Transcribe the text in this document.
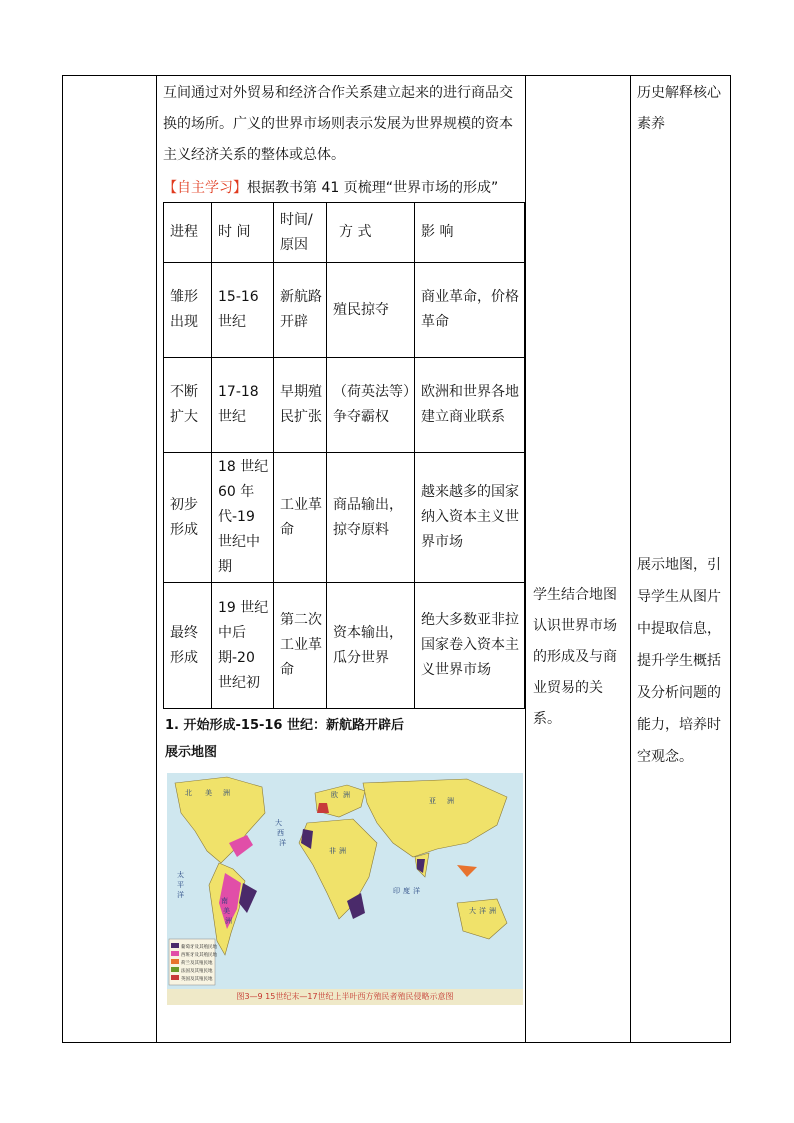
互间通过对外贸易和经济合作关系建立起来的进行商品交换的场所。广义的世界市场则表示发展为世界规模的资本主义经济关系的整体或总体。
【自主学习】根据教书第 41 页梳理“世界市场的形成”
进程	时 间	时间/原因	方 式	影 响
雏形出现	15-16世纪	新航路开辟	殖民掠夺	商业革命，价格革命
不断扩大	17-18世纪	早期殖民扩张	（荷英法等）争夺霸权	欧洲和世界各地建立商业联系
初步形成	18 世纪 60 年代-19 世纪中期	工业革命	商品输出，掠夺原料	越来越多的国家纳入资本主义世界市场
最终形成	19 世纪中后期-20 世纪初	第二次工业革命	资本输出，瓜分世界	绝大多数亚非拉国家卷入资本主义世界市场
1. 开始形成-15-16 世纪：新航路开辟后
展示地图
北 美 洲
大
西
洋
太
平
洋	印 度 洋
南
美
洲
非 洲
亚 洲
欧 洲
大 洋 洲
葡萄牙及其殖民地
西班牙及其殖民地
荷兰及其殖民地
法国及其殖民地
英国及其殖民地
图3—9 15世纪末—17世纪上半叶西方殖民者殖民侵略示意图
学生结合地图认识世界市场的形成及与商业贸易的关系。
历史解释核心素养
展示地图，引导学生从图片中提取信息，提升学生概括及分析问题的能力，培养时空观念。
